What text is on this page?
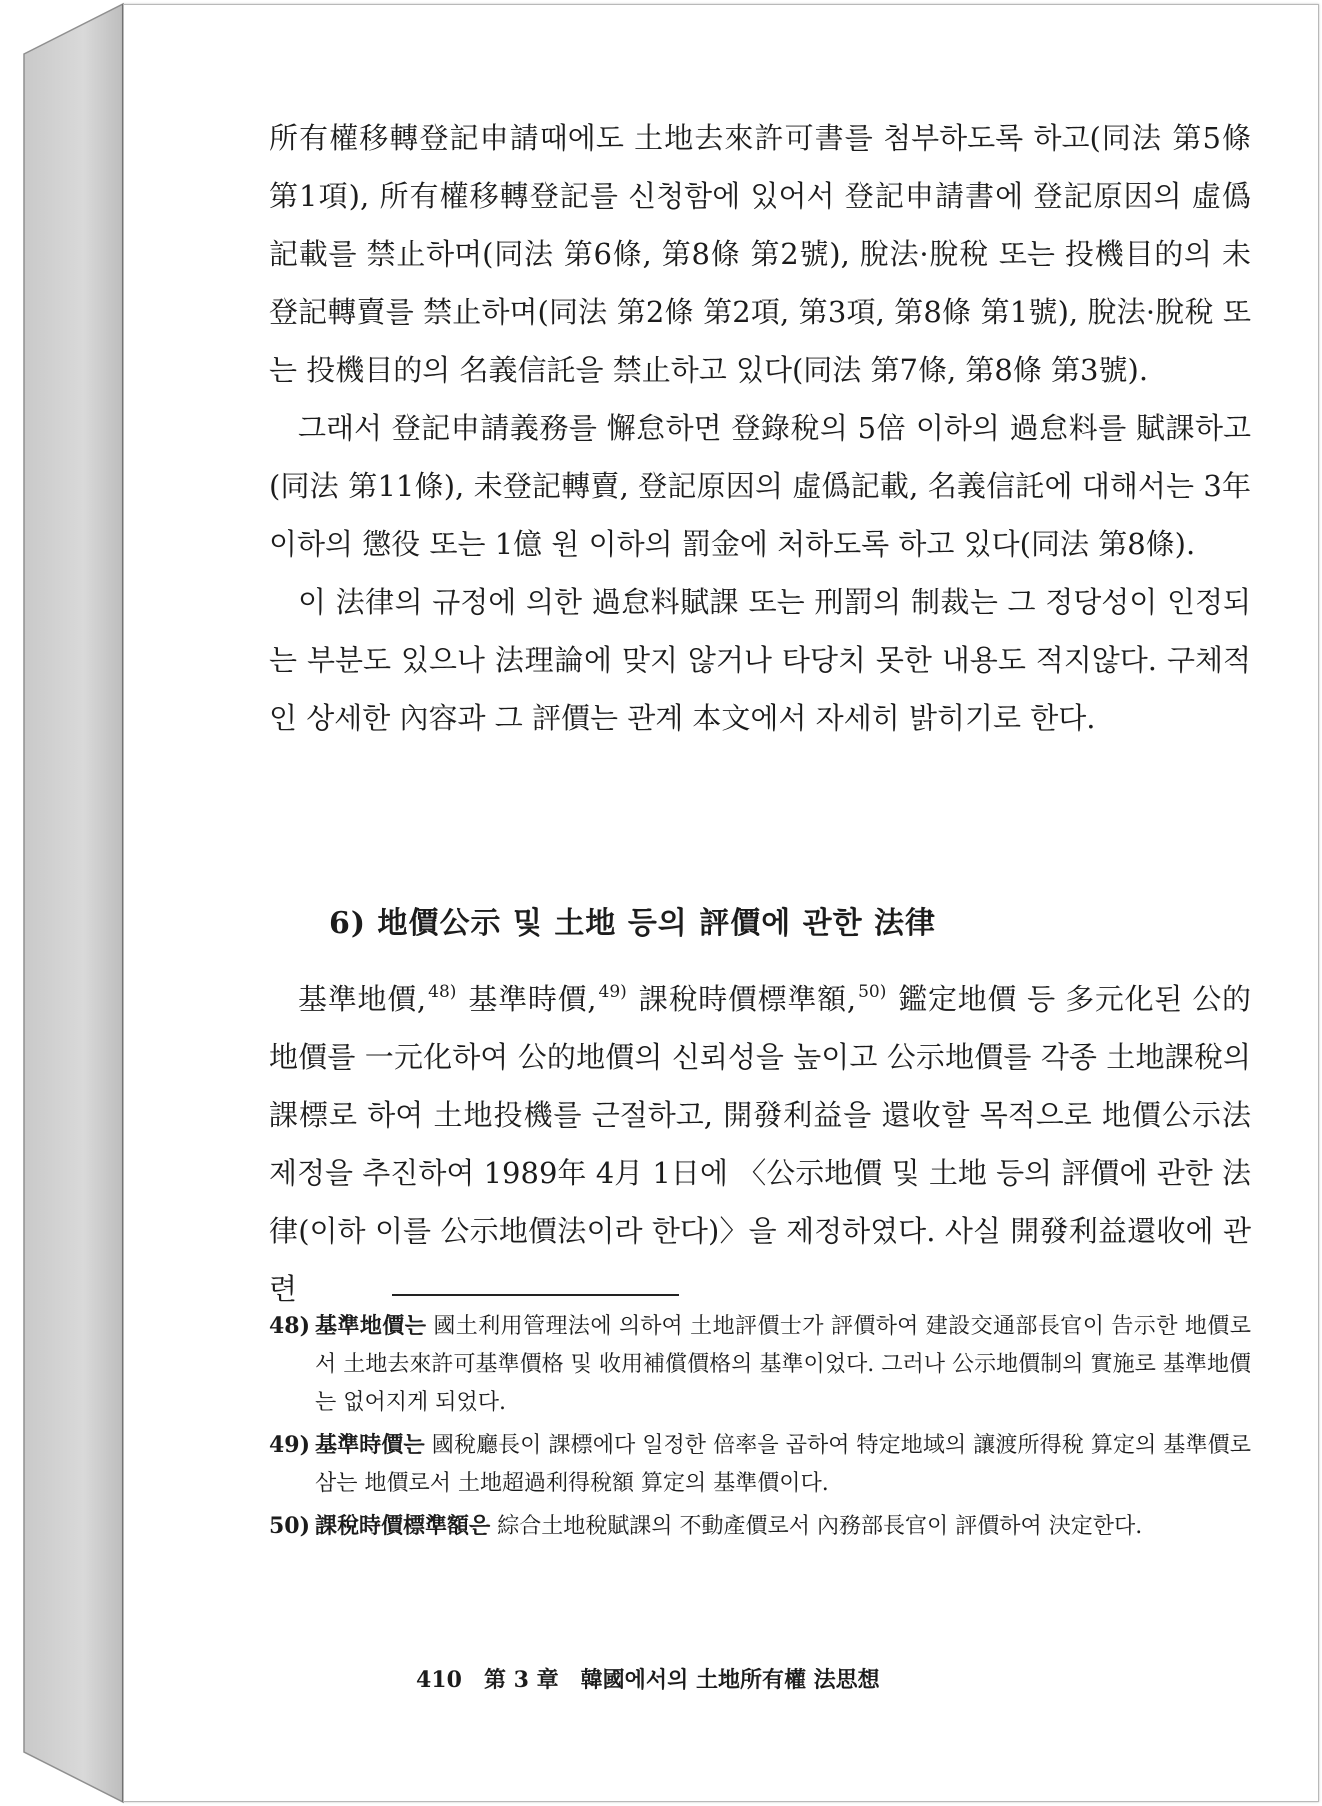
所有權移轉登記申請때에도 土地去來許可書를 첨부하도록 하고(同法 第5條 第1項), 所有權移轉登記를 신청함에 있어서 登記申請書에 登記原因의 虛僞記載를 禁止하며(同法 第6條, 第8條 第2號), 脫法·脫稅 또는 投機目的의 未登記轉賣를 禁止하며(同法 第2條 第2項, 第3項, 第8條 第1號), 脫法·脫稅 또는 投機目的의 名義信託을 禁止하고 있다(同法 第7條, 第8條 第3號).

그래서 登記申請義務를 懈怠하면 登錄稅의 5倍 이하의 過怠料를 賦課하고(同法 第11條), 未登記轉賣, 登記原因의 虛僞記載, 名義信託에 대해서는 3年 이하의 懲役 또는 1億 원 이하의 罰金에 처하도록 하고 있다(同法 第8條).

이 法律의 규정에 의한 過怠料賦課 또는 刑罰의 制裁는 그 정당성이 인정되는 부분도 있으나 法理論에 맞지 않거나 타당치 못한 내용도 적지않다. 구체적인 상세한 內容과 그 評價는 관계 本文에서 자세히 밝히기로 한다.

6) 地價公示 및 土地 등의 評價에 관한 法律

基準地價, $^{48)}$ 基準時價, $^{49)}$ 課稅時價標準額, $^{50)}$ 鑑定地價 등 多元化된 公的地價를 一元化하여 公的地價의 신뢰성을 높이고 公示地價를 각종 土地課稅의 課標로 하여 土地投機를 근절하고, 開發利益을 還收할 목적으로 地價公示法 제정을 추진하여 1989年 4月 1日에 〈公示地價 및 土地 등의 評價에 관한 法律(이하 이를 公示地價法이라 한다)〉을 제정하였다. 사실 開發利益還收에 관련

48) 基準地價는 國土利用管理法에 의하여 土地評價士가 評價하여 建設交通部長官이 告示한 地價로서 土地去來許可基準價格 및 收用補償價格의 基準이었다. 그러나 公示地價制의 實施로 基準地價는 없어지게 되었다.
49) 基準時價는 國稅廳長이 課標에다 일정한 倍率을 곱하여 特定地域의 讓渡所得稅 算定의 基準價로 삼는 地價로서 土地超過利得稅額 算定의 基準價이다.
50) 課稅時價標準額은 綜合土地稅賦課의 不動產價로서 內務部長官이 評價하여 決定한다.
410 第 3 章 韓國에서의 土地所有權 法思想
